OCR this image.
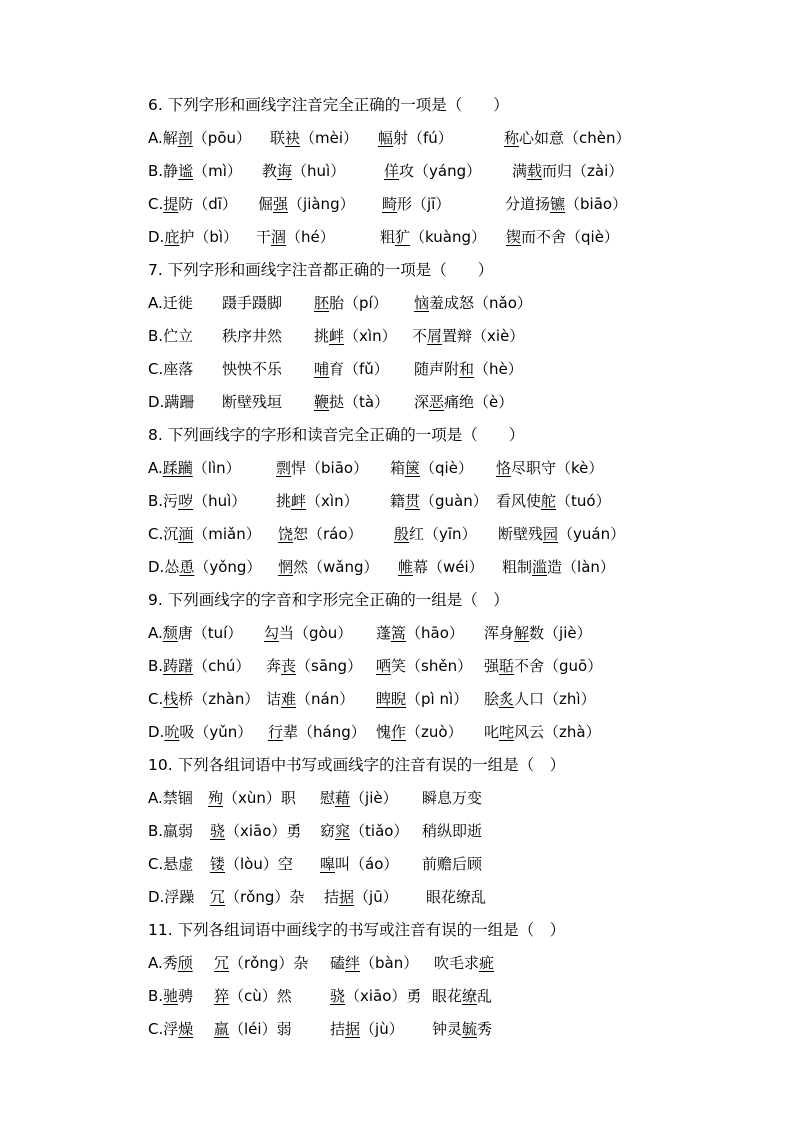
6. 下列字形和画线字注音完全正确的一项是（　　）
A.解剖（pōu） 联袂（mèi） 幅射（fú）	称心如意（chèn）
B.静谧（mì） 教诲（huì）	佯攻（yáng） 满载而归（zài）
C.提防（dī） 倔强（jiàng） 畸形（jī）	分道扬镳（biāo）
D.庇护（bì） 干涸（hé）	粗犷（kuàng） 锲而不舍（qiè）
7. 下列字形和画线字注音都正确的一项是（　　）
A.迁徙 蹑手蹑脚 胚胎（pí） 恼羞成怒（nǎo）
B.伫立 秩序井然 挑衅（xìn） 不屑置辩（xiè）
C.座落 怏怏不乐 哺育（fǔ） 随声附和（hè）
D.蹒跚 断壁残垣 鞭挞（tà） 深恶痛绝（è）
8. 下列画线字的字形和读音完全正确的一项是（　　）
A.蹂躏（lìn） 剽悍（biāo） 箱箧（qiè） 恪尽职守（kè）
B.污哕（huì） 挑衅（xìn） 籍贯（guàn） 看风使舵（tuó）
C.沉湎（miǎn） 饶恕（ráo） 殷红（yīn） 断壁残园（yuán）
D.怂恿（yǒng） 惘然（wǎng） 帷幕（wéi） 粗制滥造（làn）
9. 下列画线字的字音和字形完全正确的一组是（　）
A.颓唐（tuí） 勾当（gòu） 蓬篙（hāo） 浑身解数（jiè）
B.踌躇（chú） 奔丧（sāng） 哂笑（shěn） 强聒不舍（guō）
C.栈桥（zhàn） 诘难（nán） 睥睨（pì nì） 脍炙人口（zhì）
D.吮吸（yǔn） 行辈（háng） 愧作（zuò） 叱咤风云（zhà）
10. 下列各组词语中书写或画线字的注音有误的一组是（　）
A.禁锢 殉（xùn）职 慰藉（jiè） 瞬息万变
B.羸弱 骁（xiāo）勇 窈窕（tiǎo） 稍纵即逝
C.悬虚 镂（lòu）空 嗥叫（áo） 前赡后顾
D.浮躁 冗（rǒng）杂 拮据（jū） 眼花缭乱
11. 下列各组词语中画线字的书写或注音有误的一组是（　）
A.秀颀 冗（rǒng）杂 磕绊（bàn） 吹毛求疵
B.驰骋 猝（cù）然	骁（xiāo）勇 眼花缭乱
C.浮燥 羸（léi）弱	拮据（jù） 钟灵毓秀
